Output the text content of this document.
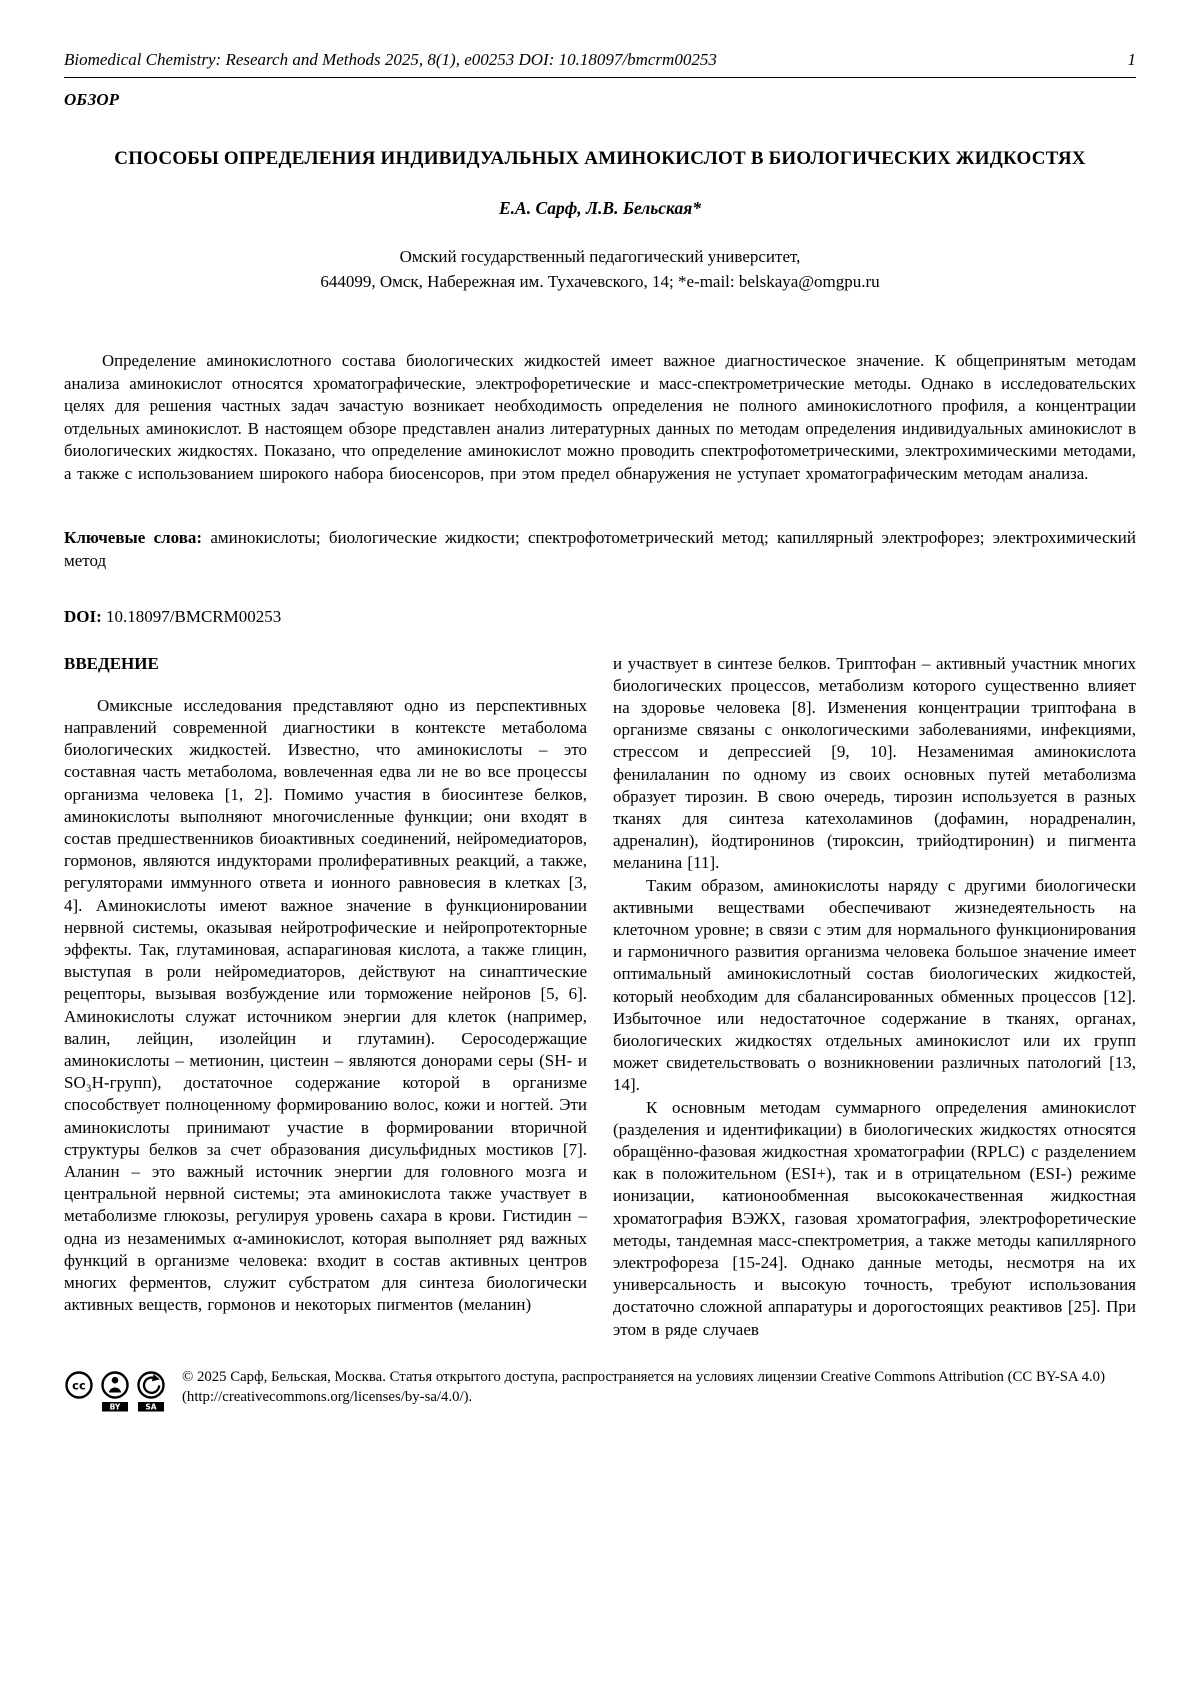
Biomedical Chemistry: Research and Methods 2025, 8(1), e00253 DOI: 10.18097/bmcrm00253	1
ОБЗОР
СПОСОБЫ ОПРЕДЕЛЕНИЯ ИНДИВИДУАЛЬНЫХ АМИНОКИСЛОТ В БИОЛОГИЧЕСКИХ ЖИДКОСТЯХ
Е.А. Сарф, Л.В. Бельская*
Омский государственный педагогический университет,
644099, Омск, Набережная им. Тухачевского, 14; *e-mail: belskaya@omgpu.ru

Определение аминокислотного состава биологических жидкостей имеет важное диагностическое значение. К общепринятым методам анализа аминокислот относятся хроматографические, электрофоретические и масс-спектрометрические методы. Однако в исследовательских целях для решения частных задач зачастую возникает необходимость определения не полного аминокислотного профиля, а концентрации отдельных аминокислот. В настоящем обзоре представлен анализ литературных данных по методам определения индивидуальных аминокислот в биологических жидкостях. Показано, что определение аминокислот можно проводить спектрофотометрическими, электрохимическими методами, а также с использованием широкого набора биосенсоров, при этом предел обнаружения не уступает хроматографическим методам анализа.

Ключевые слова: аминокислоты; биологические жидкости; спектрофотометрический метод; капиллярный электрофорез; электрохимический метод

DOI: 10.18097/BMCRM00253

ВВЕДЕНИЕ

Омиксные исследования представляют одно из перспективных направлений современной диагностики в контексте метаболома биологических жидкостей. Известно, что аминокислоты – это составная часть метаболома, вовлеченная едва ли не во все процессы организма человека [1, 2]. Помимо участия в биосинтезе белков, аминокислоты выполняют многочисленные функции; они входят в состав предшественников биоактивных соединений, нейромедиаторов, гормонов, являются индукторами пролиферативных реакций, а также, регуляторами иммунного ответа и ионного равновесия в клетках [3, 4]. Аминокислоты имеют важное значение в функционировании нервной системы, оказывая нейротрофические и нейропротекторные эффекты. Так, глутаминовая, аспарагиновая кислота, а также глицин, выступая в роли нейромедиаторов, действуют на синаптические рецепторы, вызывая возбуждение или торможение нейронов [5, 6]. Аминокислоты служат источником энергии для клеток (например, валин, лейцин, изолейцин и глутамин). Серосодержащие аминокислоты – метионин, цистеин – являются донорами серы (SH- и SO₃H-групп), достаточное содержание которой в организме способствует полноценному формированию волос, кожи и ногтей. Эти аминокислоты принимают участие в формировании вторичной структуры белков за счет образования дисульфидных мостиков [7]. Аланин – это важный источник энергии для головного мозга и центральной нервной системы; эта аминокислота также участвует в метаболизме глюкозы, регулируя уровень сахара в крови. Гистидин – одна из незаменимых α-аминокислот, которая выполняет ряд важных функций в организме человека: входит в состав активных центров многих ферментов, служит субстратом для синтеза биологически активных веществ, гормонов и некоторых пигментов (меланин)

и участвует в синтезе белков. Триптофан – активный участник многих биологических процессов, метаболизм которого существенно влияет на здоровье человека [8]. Изменения концентрации триптофана в организме связаны с онкологическими заболеваниями, инфекциями, стрессом и депрессией [9, 10]. Незаменимая аминокислота фенилаланин по одному из своих основных путей метаболизма образует тирозин. В свою очередь, тирозин используется в разных тканях для синтеза катехоламинов (дофамин, норадреналин, адреналин), йодтиронинов (тироксин, трийодтиронин) и пигмента меланина [11].

Таким образом, аминокислоты наряду с другими биологически активными веществами обеспечивают жизнедеятельность на клеточном уровне; в связи с этим для нормального функционирования и гармоничного развития организма человека большое значение имеет оптимальный аминокислотный состав биологических жидкостей, который необходим для сбалансированных обменных процессов [12]. Избыточное или недостаточное содержание в тканях, органах, биологических жидкостях отдельных аминокислот или их групп может свидетельствовать о возникновении различных патологий [13, 14].

К основным методам суммарного определения аминокислот (разделения и идентификации) в биологических жидкостях относятся обращённо-фазовая жидкостная хроматографии (RPLC) с разделением как в положительном (ESI+), так и в отрицательном (ESI-) режиме ионизации, катионообменная высококачественная жидкостная хроматография ВЭЖХ, газовая хроматография, электрофоретические методы, тандемная масс-спектрометрия, а также методы капиллярного электрофореза [15-24]. Однако данные методы, несмотря на их универсальность и высокую точность, требуют использования достаточно сложной аппаратуры и дорогостоящих реактивов [25]. При этом в ряде случаев

cc
BY	SA
© 2025 Сарф, Бельская, Москва. Статья открытого доступа, распространяется на условиях лицензии Creative Commons Attribution (CC BY-SA 4.0) (http://creativecommons.org/licenses/by-sa/4.0/).
